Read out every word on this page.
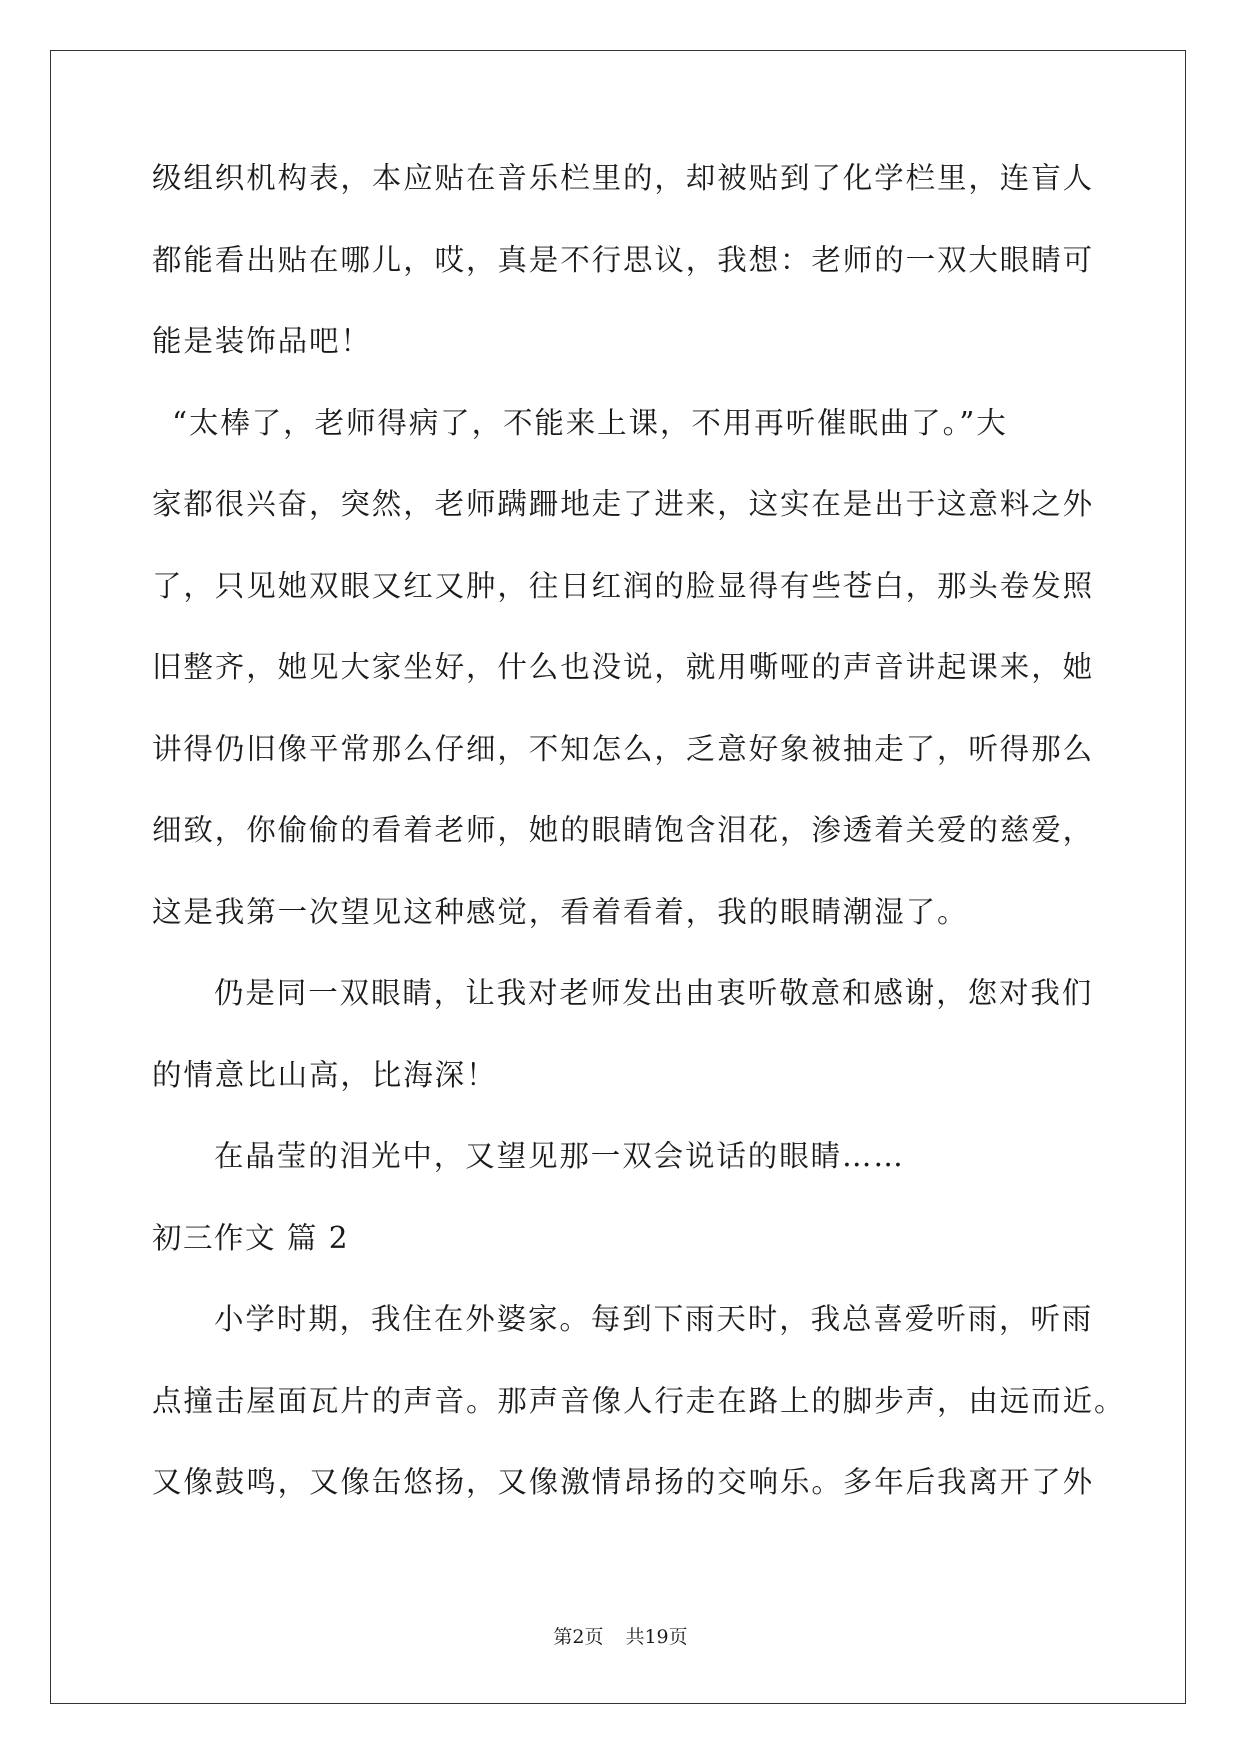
级组织机构表，本应贴在音乐栏里的，却被贴到了化学栏里，连盲人
都能看出贴在哪儿，哎，真是不行思议，我想：老师的一双大眼睛可
能是装饰品吧！
“太棒了，老师得病了，不能来上课，不用再听催眠曲了。”大
家都很兴奋，突然，老师蹒跚地走了进来，这实在是出于这意料之外
了，只见她双眼又红又肿，往日红润的脸显得有些苍白，那头卷发照
旧整齐，她见大家坐好，什么也没说，就用嘶哑的声音讲起课来，她
讲得仍旧像平常那么仔细，不知怎么，乏意好象被抽走了，听得那么
细致，你偷偷的看着老师，她的眼睛饱含泪花，渗透着关爱的慈爱，
这是我第一次望见这种感觉，看着看着，我的眼睛潮湿了。
仍是同一双眼睛，让我对老师发出由衷听敬意和感谢，您对我们
的情意比山高，比海深！
在晶莹的泪光中，又望见那一双会说话的眼睛……
初三作文 篇 2
小学时期，我住在外婆家。每到下雨天时，我总喜爱听雨，听雨
点撞击屋面瓦片的声音。那声音像人行走在路上的脚步声，由远而近。
又像鼓鸣，又像缶悠扬，又像激情昂扬的交响乐。多年后我离开了外
第2页 共19页
